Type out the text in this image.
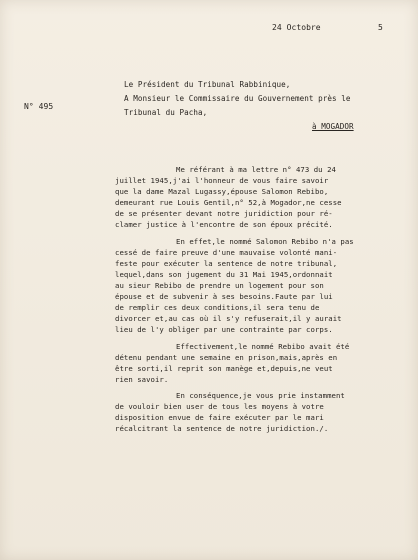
24 Octobre	5
N° 495
Le Président du Tribunal Rabbinique,
A Monsieur le Commissaire du Gouvernement près le
Tribunal du Pacha,
à MOGADOR
Me référant à ma lettre n° 473 du 24
juillet 1945,j'ai l'honneur de vous faire savoir
que la dame Mazal Lugassy,épouse Salomon Rebibo,
demeurant rue Louis Gentil,n° 52,à Mogador,ne cesse
de se présenter devant notre juridiction pour ré-
clamer justice à l'encontre de son époux précité.
En effet,le nommé Salomon Rebibo n'a pas
cessé de faire preuve d'une mauvaise volonté mani-
feste pour exécuter la sentence de notre tribunal,
lequel,dans son jugement du 31 Mai 1945,ordonnait
au sieur Rebibo de prendre un logement pour son
épouse et de subvenir à ses besoins.Faute par lui
de remplir ces deux conditions,il sera tenu de
divorcer et,au cas où il s'y refuserait,il y aurait
lieu de l'y obliger par une contrainte par corps.
Effectivement,le nommé Rebibo avait été
détenu pendant une semaine en prison,mais,après en
être sorti,il reprit son manège et,depuis,ne veut
rien savoir.
En conséquence,je vous prie instamment
de vouloir bien user de tous les moyens à votre
disposition envue de faire exécuter par le mari
récalcitrant la sentence de notre juridiction./.
